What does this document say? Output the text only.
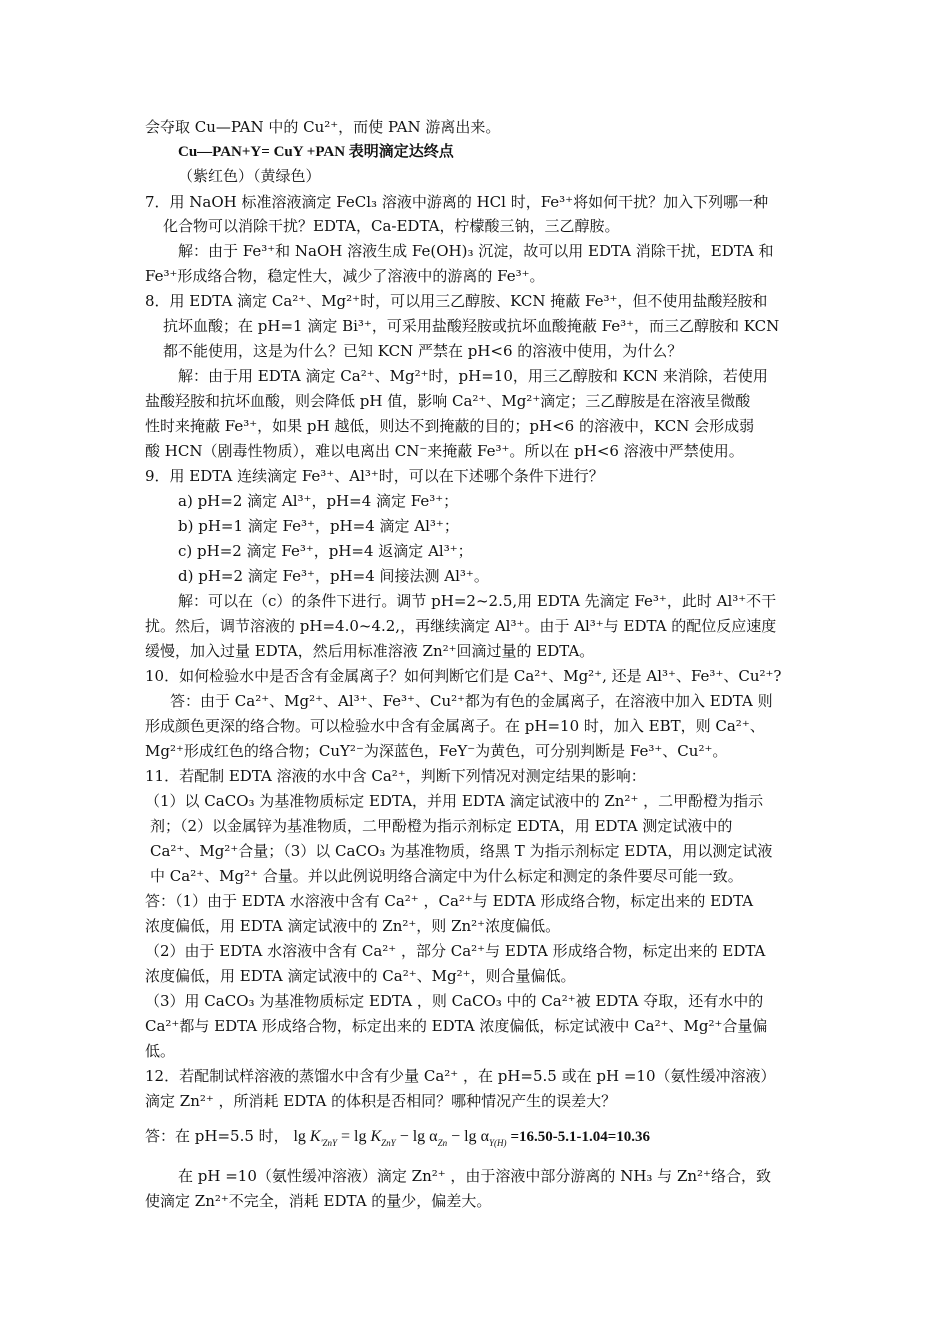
会夺取 Cu—PAN 中的 Cu²⁺，而使 PAN 游离出来。
Cu—PAN+Y= CuY +PAN 表明滴定达终点
（紫红色）（黄绿色）
7．用 NaOH 标准溶液滴定 FeCl₃ 溶液中游离的 HCl 时，Fe³⁺将如何干扰？加入下列哪一种
化合物可以消除干扰？EDTA，Ca-EDTA，柠檬酸三钠，三乙醇胺。
解：由于 Fe³⁺和 NaOH 溶液生成 Fe(OH)₃ 沉淀，故可以用 EDTA 消除干扰，EDTA 和
Fe³⁺形成络合物，稳定性大，减少了溶液中的游离的 Fe³⁺。
8．用 EDTA 滴定 Ca²⁺、Mg²⁺时，可以用三乙醇胺、KCN 掩蔽 Fe³⁺，但不使用盐酸羟胺和
抗坏血酸；在 pH=1 滴定 Bi³⁺，可采用盐酸羟胺或抗坏血酸掩蔽 Fe³⁺，而三乙醇胺和 KCN
都不能使用，这是为什么？已知 KCN 严禁在 pH<6 的溶液中使用，为什么？
解：由于用 EDTA 滴定 Ca²⁺、Mg²⁺时，pH=10，用三乙醇胺和 KCN 来消除，若使用
盐酸羟胺和抗坏血酸，则会降低 pH 值，影响 Ca²⁺、Mg²⁺滴定；三乙醇胺是在溶液呈微酸
性时来掩蔽 Fe³⁺，如果 pH 越低，则达不到掩蔽的目的；pH<6 的溶液中，KCN 会形成弱
酸 HCN（剧毒性物质），难以电离出 CN⁻来掩蔽 Fe³⁺。所以在 pH<6 溶液中严禁使用。
9．用 EDTA 连续滴定 Fe³⁺、Al³⁺时，可以在下述哪个条件下进行？
a) pH=2 滴定 Al³⁺，pH=4 滴定 Fe³⁺；
b) pH=1 滴定 Fe³⁺，pH=4 滴定 Al³⁺；
c) pH=2 滴定 Fe³⁺，pH=4 返滴定 Al³⁺；
d) pH=2 滴定 Fe³⁺，pH=4 间接法测 Al³⁺。
解：可以在（c）的条件下进行。调节 pH=2~2.5,用 EDTA 先滴定 Fe³⁺，此时 Al³⁺不干
扰。然后，调节溶液的 pH=4.0~4.2,，再继续滴定 Al³⁺。由于 Al³⁺与 EDTA 的配位反应速度
缓慢，加入过量 EDTA，然后用标准溶液 Zn²⁺回滴过量的 EDTA。
10．如何检验水中是否含有金属离子？如何判断它们是 Ca²⁺、Mg²⁺, 还是 Al³⁺、Fe³⁺、Cu²⁺?
答：由于 Ca²⁺、Mg²⁺、Al³⁺、Fe³⁺、Cu²⁺都为有色的金属离子，在溶液中加入 EDTA 则
形成颜色更深的络合物。可以检验水中含有金属离子。在 pH=10 时，加入 EBT，则 Ca²⁺、
Mg²⁺形成红色的络合物；CuY²⁻为深蓝色，FeY⁻为黄色，可分别判断是 Fe³⁺、Cu²⁺。
11．若配制 EDTA 溶液的水中含 Ca²⁺，判断下列情况对测定结果的影响：
（1）以 CaCO₃ 为基准物质标定 EDTA，并用 EDTA 滴定试液中的 Zn²⁺ ，二甲酚橙为指示
剂；（2）以金属锌为基准物质，二甲酚橙为指示剂标定 EDTA，用 EDTA 测定试液中的
Ca²⁺、Mg²⁺合量；（3）以 CaCO₃ 为基准物质，络黑 T 为指示剂标定 EDTA，用以测定试液
中 Ca²⁺、Mg²⁺ 合量。并以此例说明络合滴定中为什么标定和测定的条件要尽可能一致。
答：（1）由于 EDTA 水溶液中含有 Ca²⁺ ，Ca²⁺与 EDTA 形成络合物，标定出来的 EDTA
浓度偏低，用 EDTA 滴定试液中的 Zn²⁺，则 Zn²⁺浓度偏低。
（2）由于 EDTA 水溶液中含有 Ca²⁺ ，部分 Ca²⁺与 EDTA 形成络合物，标定出来的 EDTA
浓度偏低，用 EDTA 滴定试液中的 Ca²⁺、Mg²⁺，则合量偏低。
（3）用 CaCO₃ 为基准物质标定 EDTA ，则 CaCO₃ 中的 Ca²⁺被 EDTA 夺取，还有水中的
Ca²⁺都与 EDTA 形成络合物，标定出来的 EDTA 浓度偏低，标定试液中 Ca²⁺、Mg²⁺合量偏
低。
12．若配制试样溶液的蒸馏水中含有少量 Ca²⁺ ，在 pH=5.5 或在 pH =10（氨性缓冲溶液）
滴定 Zn²⁺ ，所消耗 EDTA 的体积是否相同？哪种情况产生的误差大？
答：在 pH=5.5 时， $\lg K_{'ZnY} = \lg K_{ZnY} - \lg \alpha_{Zn} - \lg \alpha_{Y(H)} =16.50-5.1-1.04=10.36$
在 pH =10（氨性缓冲溶液）滴定 Zn²⁺ ，由于溶液中部分游离的 NH₃ 与 Zn²⁺络合，致
使滴定 Zn²⁺不完全，消耗 EDTA 的量少，偏差大。
